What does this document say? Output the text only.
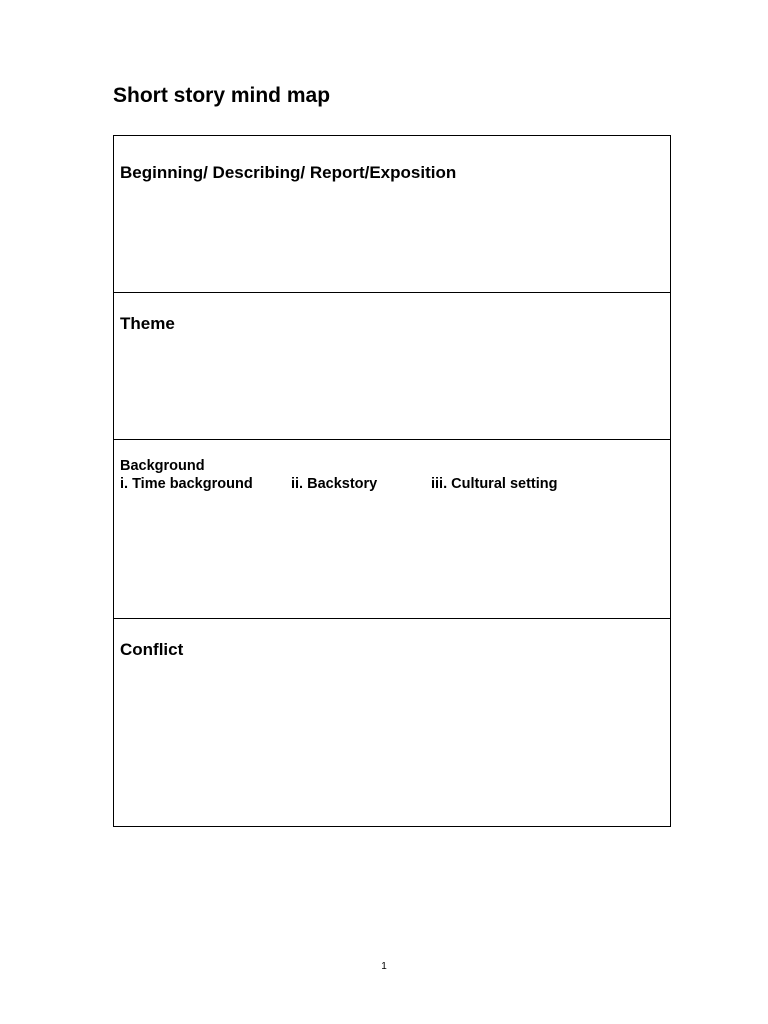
Short story mind map
Beginning/ Describing/ Report/Exposition
Theme
Background
i. Time background	ii. Backstory	iii. Cultural setting
Conflict
1
